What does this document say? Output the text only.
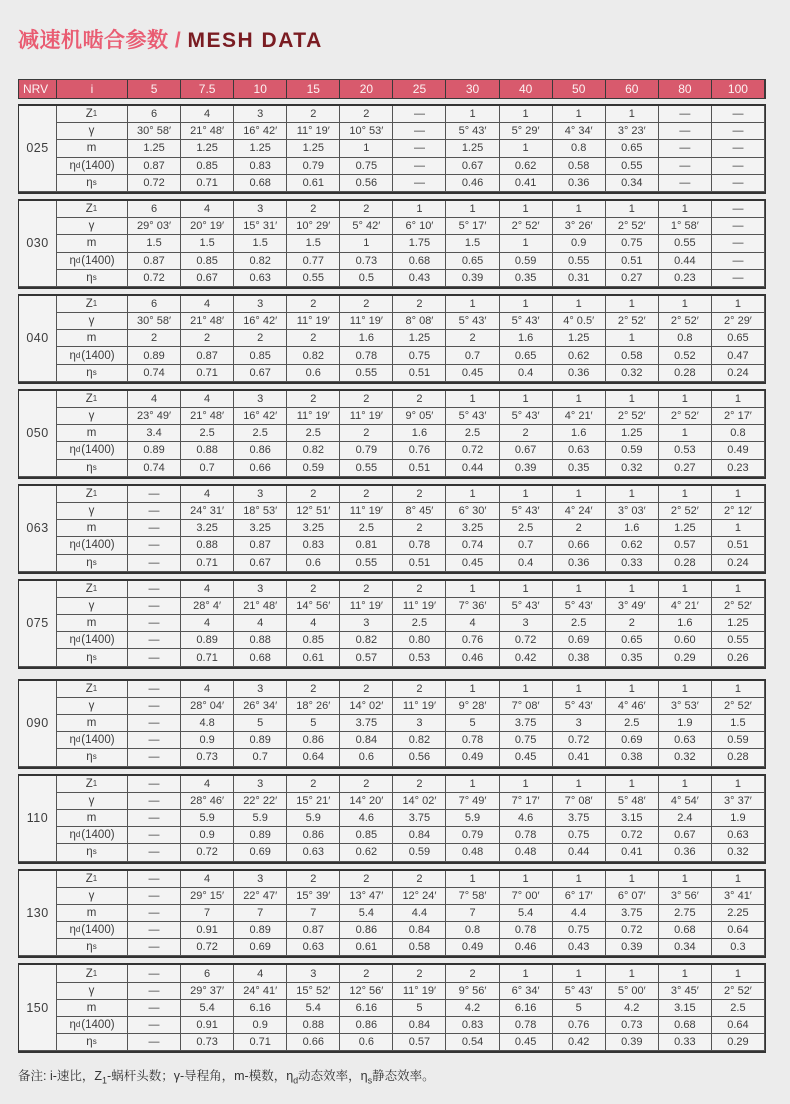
减速机啮合参数 / MESH DATA
NRV	i	5	7.5	10	15	20	25	30	40	50	60	80	100
025
Z 1	6	4	3	2	2	—	1	1	1	1	—	—
γ	30° 58′	21° 48′	16° 42′	11° 19′	10° 53′	—	5° 43′	5° 29′	4° 34′	3° 23′	—	—
m	1.25	1.25	1.25	1.25	1	—	1.25	1	0.8	0.65	—	—
η d (1400)	0.87	0.85	0.83	0.79	0.75	—	0.67	0.62	0.58	0.55	—	—
η s	0.72	0.71	0.68	0.61	0.56	—	0.46	0.41	0.36	0.34	—	—
030
Z 1	6	4	3	2	2	1	1	1	1	1	1	—
γ	29° 03′	20° 19′	15° 31′	10° 29′	5° 42′	6° 10′	5° 17′	2° 52′	3° 26′	2° 52′	1° 58′	—
m	1.5	1.5	1.5	1.5	1	1.75	1.5	1	0.9	0.75	0.55	—
η d (1400)	0.87	0.85	0.82	0.77	0.73	0.68	0.65	0.59	0.55	0.51	0.44	—
η s	0.72	0.67	0.63	0.55	0.5	0.43	0.39	0.35	0.31	0.27	0.23	—
040
Z 1	6	4	3	2	2	2	1	1	1	1	1	1
γ	30° 58′	21° 48′	16° 42′	11° 19′	11° 19′	8° 08′	5° 43′	5° 43′	4° 0.5′	2° 52′	2° 52′	2° 29′
m	2	2	2	2	1.6	1.25	2	1.6	1.25	1	0.8	0.65
η d (1400)	0.89	0.87	0.85	0.82	0.78	0.75	0.7	0.65	0.62	0.58	0.52	0.47
η s	0.74	0.71	0.67	0.6	0.55	0.51	0.45	0.4	0.36	0.32	0.28	0.24
050
Z 1	4	4	3	2	2	2	1	1	1	1	1	1
γ	23° 49′	21° 48′	16° 42′	11° 19′	11° 19′	9° 05′	5° 43′	5° 43′	4° 21′	2° 52′	2° 52′	2° 17′
m	3.4	2.5	2.5	2.5	2	1.6	2.5	2	1.6	1.25	1	0.8
η d (1400)	0.89	0.88	0.86	0.82	0.79	0.76	0.72	0.67	0.63	0.59	0.53	0.49
η s	0.74	0.7	0.66	0.59	0.55	0.51	0.44	0.39	0.35	0.32	0.27	0.23
063
Z 1	—	4	3	2	2	2	1	1	1	1	1	1
γ	—	24° 31′	18° 53′	12° 51′	11° 19′	8° 45′	6° 30′	5° 43′	4° 24′	3° 03′	2° 52′	2° 12′
m	—	3.25	3.25	3.25	2.5	2	3.25	2.5	2	1.6	1.25	1
η d (1400)	—	0.88	0.87	0.83	0.81	0.78	0.74	0.7	0.66	0.62	0.57	0.51
η s	—	0.71	0.67	0.6	0.55	0.51	0.45	0.4	0.36	0.33	0.28	0.24
075
Z 1	—	4	3	2	2	2	1	1	1	1	1	1
γ	—	28° 4′	21° 48′	14° 56′	11° 19′	11° 19′	7° 36′	5° 43′	5° 43′	3° 49′	4° 21′	2° 52′
m	—	4	4	4	3	2.5	4	3	2.5	2	1.6	1.25
η d (1400)	—	0.89	0.88	0.85	0.82	0.80	0.76	0.72	0.69	0.65	0.60	0.55
η s	—	0.71	0.68	0.61	0.57	0.53	0.46	0.42	0.38	0.35	0.29	0.26
090
Z 1	—	4	3	2	2	2	1	1	1	1	1	1
γ	—	28° 04′	26° 34′	18° 26′	14° 02′	11° 19′	9° 28′	7° 08′	5° 43′	4° 46′	3° 53′	2° 52′
m	—	4.8	5	5	3.75	3	5	3.75	3	2.5	1.9	1.5
η d (1400)	—	0.9	0.89	0.86	0.84	0.82	0.78	0.75	0.72	0.69	0.63	0.59
η s	—	0.73	0.7	0.64	0.6	0.56	0.49	0.45	0.41	0.38	0.32	0.28
110
Z 1	—	4	3	2	2	2	1	1	1	1	1	1
γ	—	28° 46′	22° 22′	15° 21′	14° 20′	14° 02′	7° 49′	7° 17′	7° 08′	5° 48′	4° 54′	3° 37′
m	—	5.9	5.9	5.9	4.6	3.75	5.9	4.6	3.75	3.15	2.4	1.9
η d (1400)	—	0.9	0.89	0.86	0.85	0.84	0.79	0.78	0.75	0.72	0.67	0.63
η s	—	0.72	0.69	0.63	0.62	0.59	0.48	0.48	0.44	0.41	0.36	0.32
130
Z 1	—	4	3	2	2	2	1	1	1	1	1	1
γ	—	29° 15′	22° 47′	15° 39′	13° 47′	12° 24′	7° 58′	7° 00′	6° 17′	6° 07′	3° 56′	3° 41′
m	—	7	7	7	5.4	4.4	7	5.4	4.4	3.75	2.75	2.25
η d (1400)	—	0.91	0.89	0.87	0.86	0.84	0.8	0.78	0.75	0.72	0.68	0.64
η s	—	0.72	0.69	0.63	0.61	0.58	0.49	0.46	0.43	0.39	0.34	0.3
150
Z 1	—	6	4	3	2	2	2	1	1	1	1	1
γ	—	29° 37′	24° 41′	15° 52′	12° 56′	11° 19′	9° 56′	6° 34′	5° 43′	5° 00′	3° 45′	2° 52′
m	—	5.4	6.16	5.4	6.16	5	4.2	6.16	5	4.2	3.15	2.5
η d (1400)	—	0.91	0.9	0.88	0.86	0.84	0.83	0.78	0.76	0.73	0.68	0.64
η s	—	0.73	0.71	0.66	0.6	0.57	0.54	0.45	0.42	0.39	0.33	0.29

备注: i-速比，$Z_1-$蜗杆头数；γ-导程角，m-模数，$\eta_d$动态效率，$\eta_s$静态效率。
